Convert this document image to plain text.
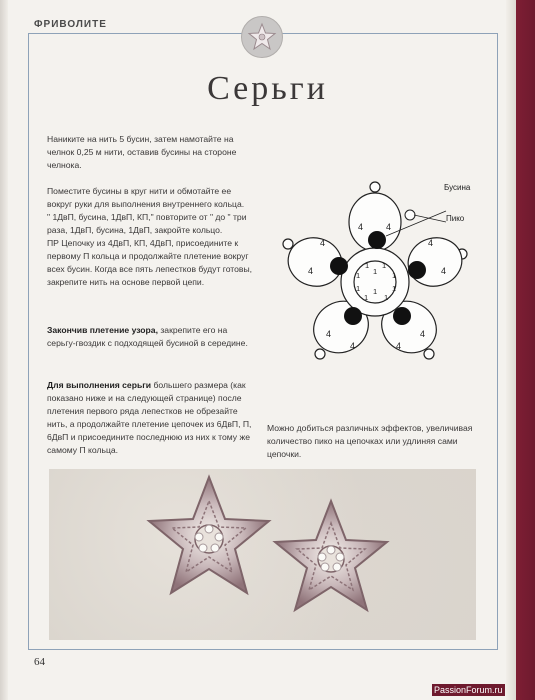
ФРИВОЛИТЕ
Серьги

Наниките на нить 5 бусин, затем намотайте на челнок 0,25 м нити, оставив бусины на стороне челнока.

Поместите бусины в круг нити и обмотайте ее вокруг руки для выполнения внутреннего кольца.

" 1ДвП, бусина, 1ДвП, КП," повторите от " до " три раза, 1ДвП, бусина, 1ДвП, закройте кольцо.

ПР Цепочку из 4ДвП, КП, 4ДвП, присоедините к первому П кольца и продолжайте плетение вокруг всех бусин. Когда все пять лепестков будут готовы, закрепите нить на основе первой цепи.

Закончив плетение узора, закрепите его на серьгу-гвоздик с подходящей бусиной в середине.

Для выполнения серьги большего размера (как показано ниже и на следующей странице) после плетения первого ряда лепестков не обрезайте нить, а продолжайте плетение цепочек из 6ДвП, П, 6ДвП и присоедините последнюю из них к тому же самому П кольца.

Можно добиться различных эффектов, увеличивая количество пико на цепочках или удлиняя сами цепочки.
Бусина
Пико
4	4
4
4
4
4
4
4
4
4
1 1
1
1
1
1
1
1 1
1
64
PassionForum.ru
